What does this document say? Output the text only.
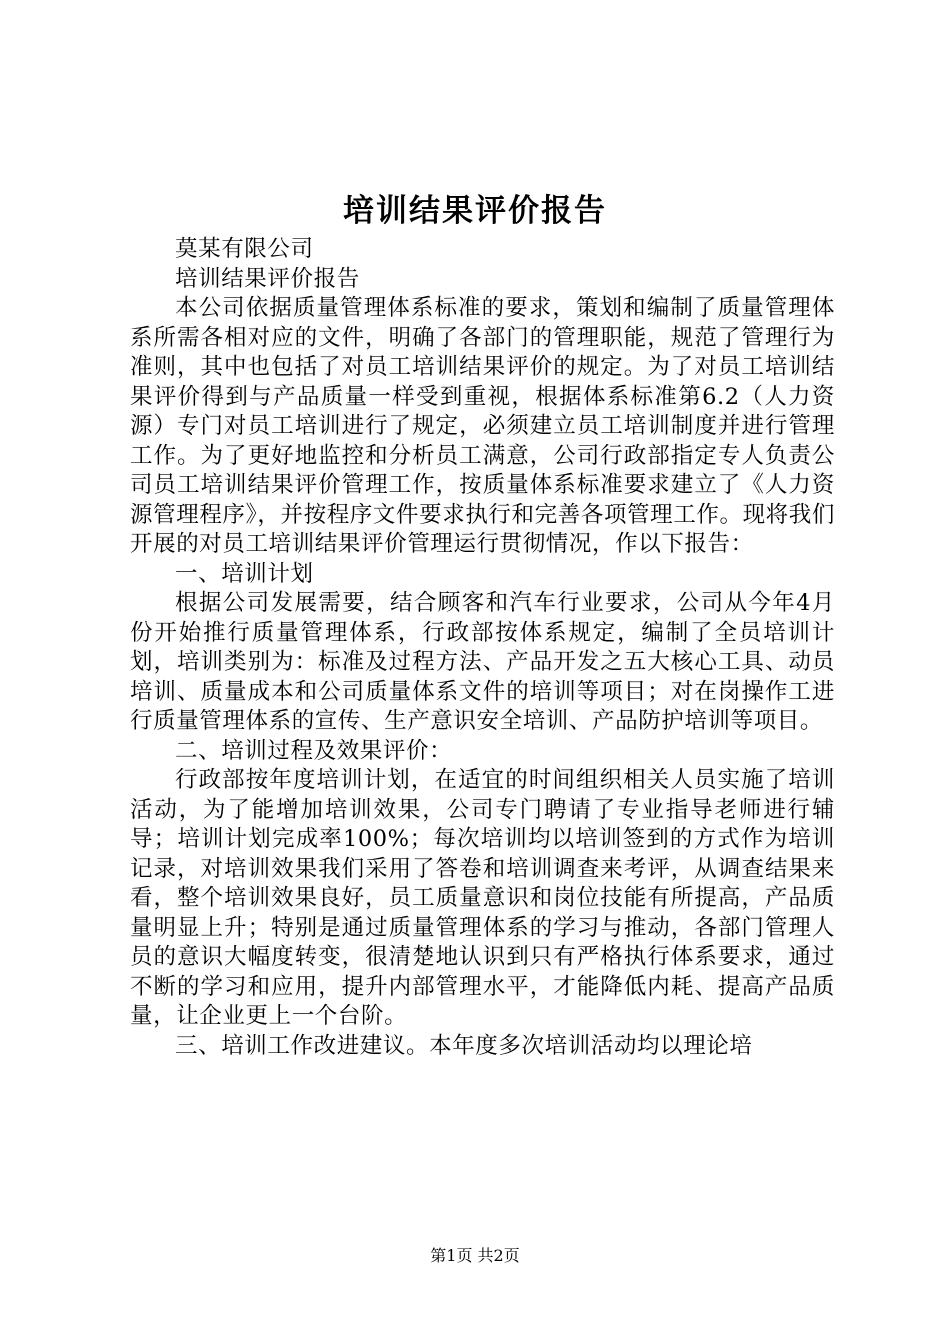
培训结果评价报告

莫某有限公司

培训结果评价报告

本公司依据质量管理体系标准的要求，策划和编制了质量管理体系所需各相对应的文件，明确了各部门的管理职能，规范了管理行为准则，其中也包括了对员工培训结果评价的规定。为了对员工培训结果评价得到与产品质量一样受到重视，根据体系标准第6.2（人力资源）专门对员工培训进行了规定，必须建立员工培训制度并进行管理工作。为了更好地监控和分析员工满意，公司行政部指定专人负责公司员工培训结果评价管理工作，按质量体系标准要求建立了《人力资源管理程序》，并按程序文件要求执行和完善各项管理工作。现将我们开展的对员工培训结果评价管理运行贯彻情况，作以下报告：

一、培训计划

根据公司发展需要，结合顾客和汽车行业要求，公司从今年4月份开始推行质量管理体系，行政部按体系规定，编制了全员培训计划，培训类别为：标准及过程方法、产品开发之五大核心工具、动员培训、质量成本和公司质量体系文件的培训等项目；对在岗操作工进行质量管理体系的宣传、生产意识安全培训、产品防护培训等项目。

二、培训过程及效果评价：

行政部按年度培训计划，在适宜的时间组织相关人员实施了培训活动，为了能增加培训效果，公司专门聘请了专业指导老师进行辅导；培训计划完成率100%；每次培训均以培训签到的方式作为培训记录，对培训效果我们采用了答卷和培训调查来考评，从调查结果来看，整个培训效果良好，员工质量意识和岗位技能有所提高，产品质量明显上升；特别是通过质量管理体系的学习与推动，各部门管理人员的意识大幅度转变，很清楚地认识到只有严格执行体系要求，通过不断的学习和应用，提升内部管理水平，才能降低内耗、提高产品质量，让企业更上一个台阶。

三、培训工作改进建议。本年度多次培训活动均以理论培

第1页 共2页
